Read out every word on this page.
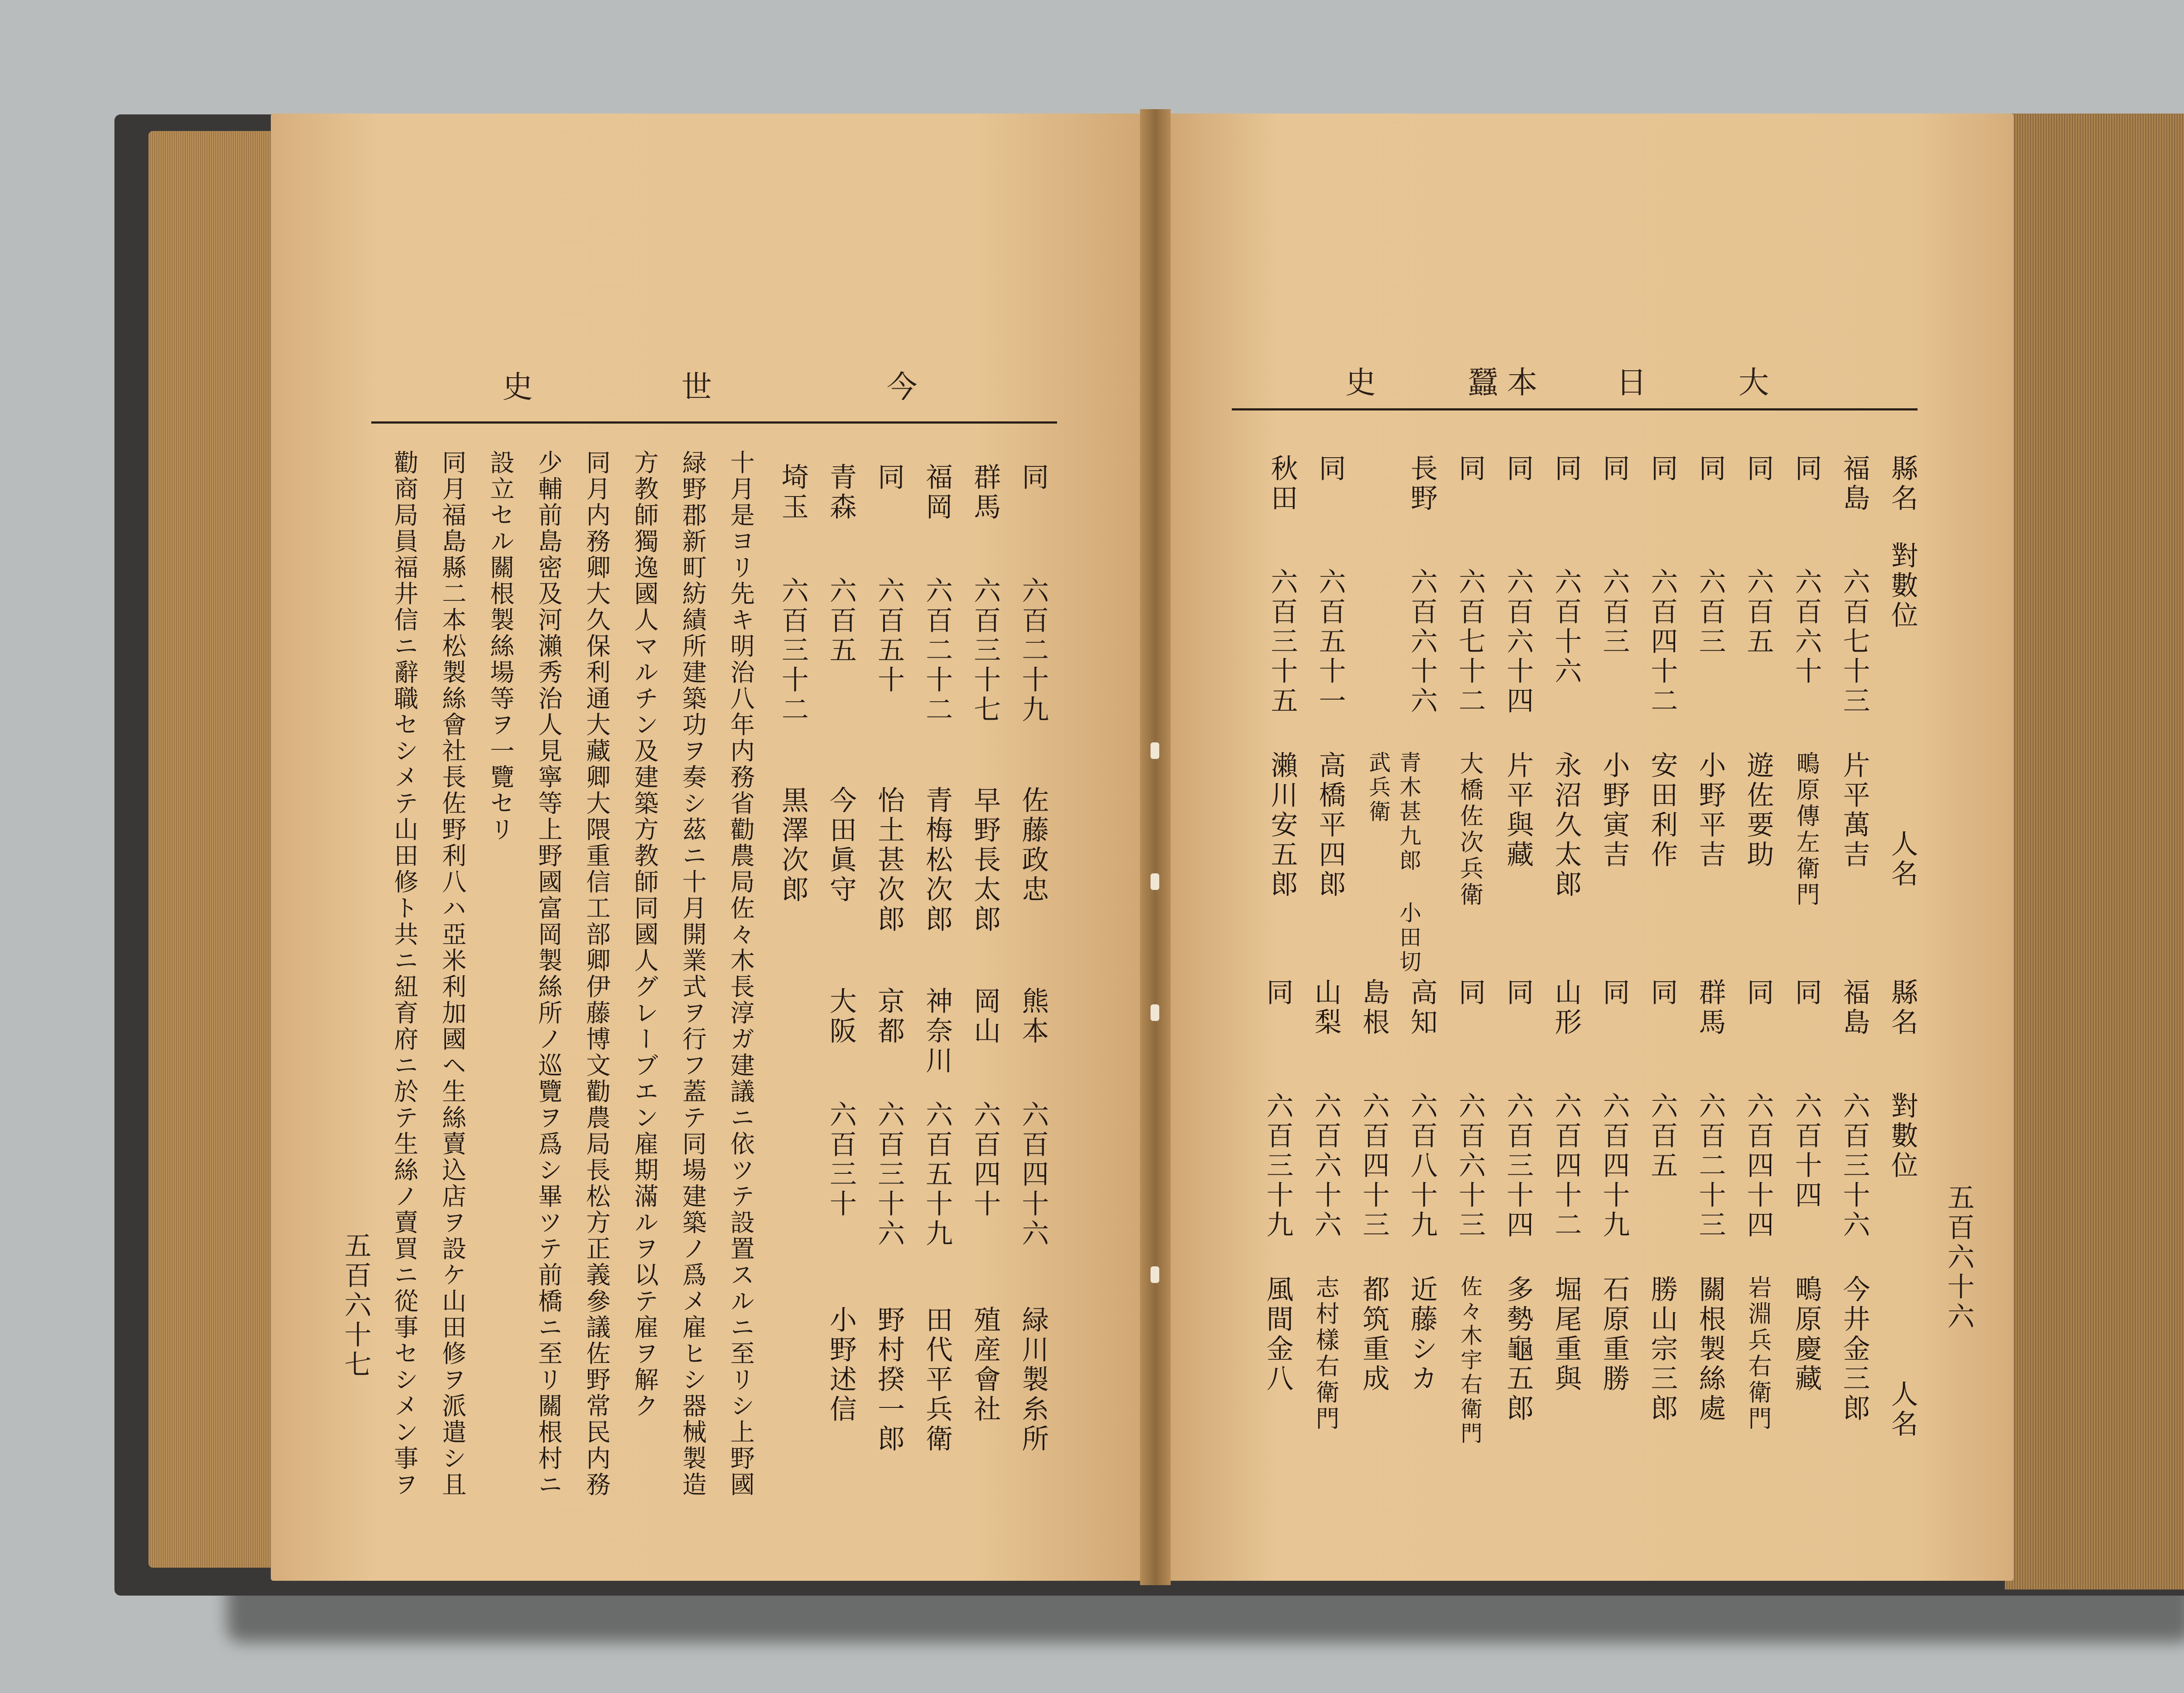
今
世
史
同
六百二十九
佐藤政忠
熊本
六百四十六
緑川製糸所
群馬
六百三十七
早野長太郎
岡山
六百四十
殖産會社
福岡
六百二十二
青梅松次郎
神奈川
六百五十九
田代平兵衛
同
六百五十
怡土甚次郎
京都
六百三十六
野村揆一郎
青森
六百五
今田眞守
大阪
六百三十
小野述信
埼玉
六百三十二
黒澤次郎
十月是ヨリ先キ明治八年内務省勸農局佐々木長淳ガ建議ニ依ツテ設置スルニ至リシ上野國
緑野郡新町紡績所建築功ヲ奏シ茲ニ十月開業式ヲ行フ蓋テ同場建築ノ爲メ雇ヒシ器械製造
方教師獨逸國人マルチン及建築方教師同國人グレーブエン雇期滿ルヲ以テ雇ヲ解ク
同月内務卿大久保利通大藏卿大隈重信工部卿伊藤博文勸農局長松方正義參議佐野常民内務
少輔前島密及河瀨秀治人見寧等上野國富岡製絲所ノ巡覽ヲ爲シ畢ツテ前橋ニ至リ關根村ニ
設立セル關根製絲場等ヲ一覽セリ
同月福島縣二本松製絲會社長佐野利八ハ亞米利加國ヘ生絲賣込店ヲ設ケ山田修ヲ派遣シ且
勸商局員福井信ニ辭職セシメテ山田修ト共ニ紐育府ニ於テ生絲ノ賣買ニ從事セシメン事ヲ
五百六十七
大
日
本
蠶
史
縣名
對數位
人名
福島
六百七十三
片平萬吉
同
六百六十
鴫原傳左衛門
同
六百五
遊佐要助
同
六百三
小野平吉
同
六百四十二
安田利作
同
六百三
小野寅吉
同
六百十六
永沼久太郎
同
六百六十四
片平與藏
同
六百七十二
大橋佐次兵衛
長野
六百六十六
青木甚九郎 小田切武兵衛
同
六百五十一
高橋平四郎
秋田
六百三十五
瀨川安五郎
縣名
對數位
人名
福島
六百三十六
今井金三郎
同
六百十四
鴫原慶藏
同
六百四十四
岩淵兵右衛門
群馬
六百二十三
關根製絲處
同
六百五
勝山宗三郎
同
六百四十九
石原重勝
山形
六百四十二
堀尾重與
同
六百三十四
多勢龜五郎
同
六百六十三
佐々木宇右衛門
高知
六百八十九
近藤シカ
島根
六百四十三
都筑重成
山梨
六百六十六
志村樣右衛門
同
六百三十九
風間金八
五百六十六
